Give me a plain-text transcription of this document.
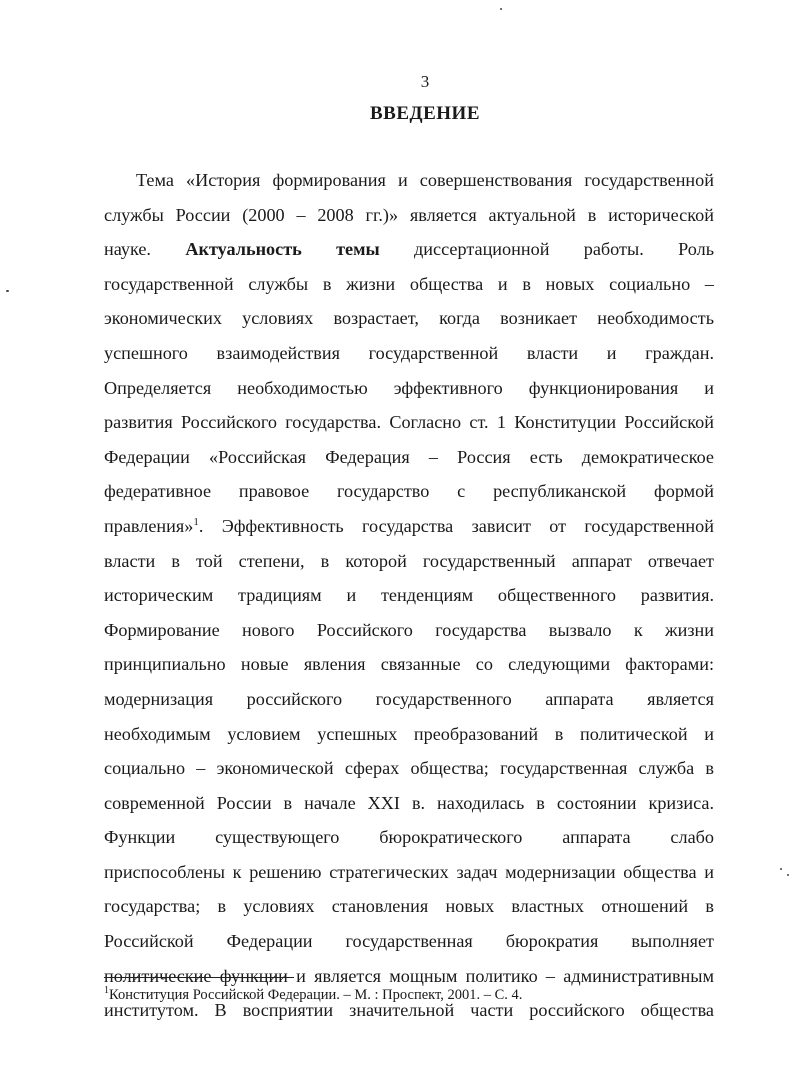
3
ВВЕДЕНИЕ
Тема «История формирования и совершенствования государственной
службы России (2000 – 2008 гг.)» является актуальной в исторической
науке. Актуальность темы диссертационной работы. Роль
государственной службы в жизни общества и в новых социально –
экономических условиях возрастает, когда возникает необходимость
успешного взаимодействия государственной власти и граждан.
Определяется необходимостью эффективного функционирования и
развития Российского государства. Согласно ст. 1 Конституции Российской
Федерации «Российская Федерация – Россия есть демократическое
федеративное правовое государство с республиканской формой
правления»$^1$. Эффективность государства зависит от государственной
власти в той степени, в которой государственный аппарат отвечает
историческим традициям и тенденциям общественного развития.
Формирование нового Российского государства вызвало к жизни
принципиально новые явления связанные со следующими факторами:
модернизация российского государственного аппарата является
необходимым условием успешных преобразований в политической и
социально – экономической сферах общества; государственная служба в
современной России в начале XXI в. находилась в состоянии кризиса.
Функции существующего бюрократического аппарата слабо
приспособлены к решению стратегических задач модернизации общества и
государства; в условиях становления новых властных отношений в
Российской Федерации государственная бюрократия выполняет
политические функции и является мощным политико – административным
институтом. В восприятии значительной части российского общества
$^1$Конституция Российской Федерации. – М. : Проспект, 2001. – С. 4.
